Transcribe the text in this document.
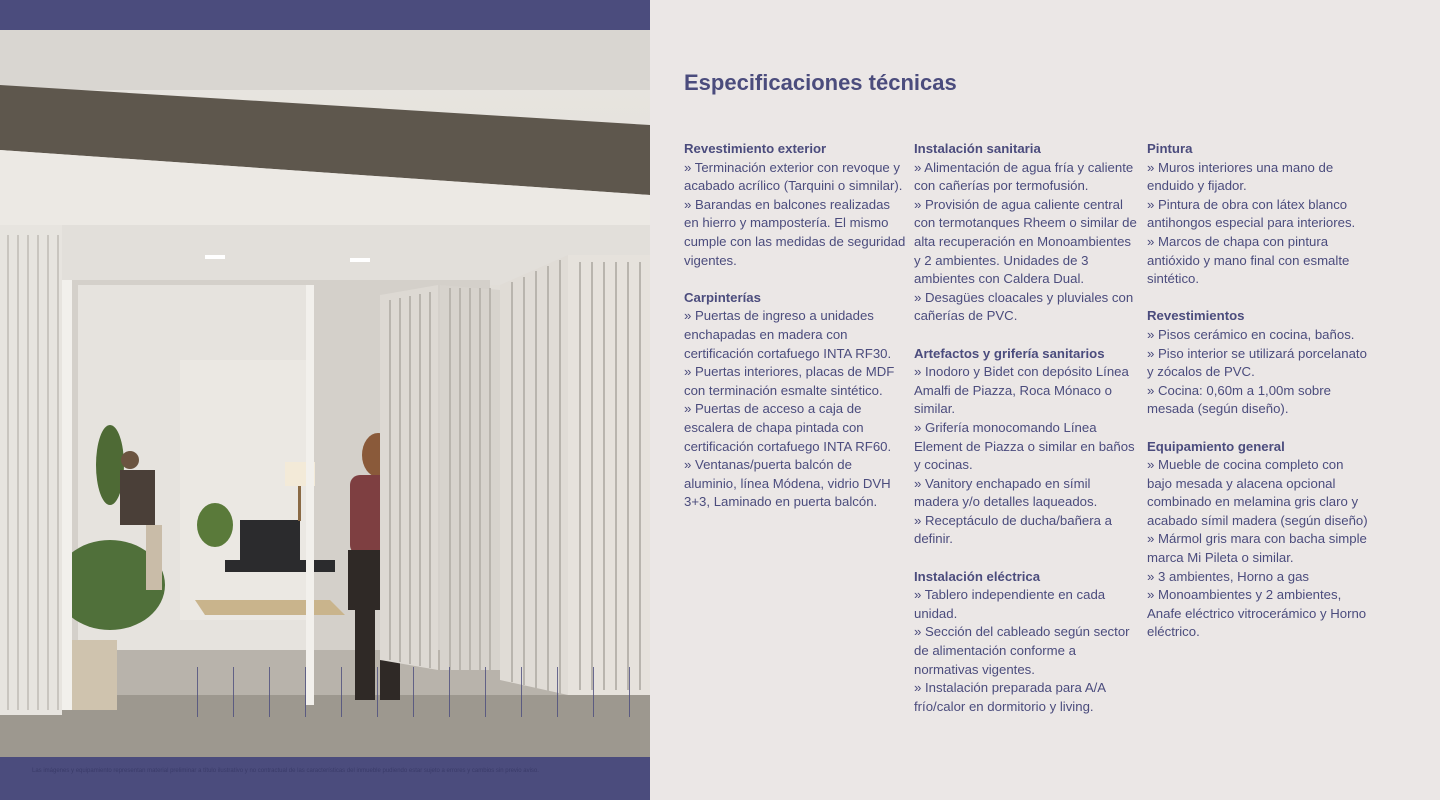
Las imágenes y equipamiento representan material preliminar a título ilustrativo y no contractual de las características del inmueble pudiendo estar sujeto a errores y cambios sin previo aviso.
Especificaciones técnicas
Revestimiento exterior
» Terminación exterior con revoque y acabado acrílico (Tarquini o simnilar).
» Barandas en balcones realizadas en hierro y mampostería. El mismo cumple con las medidas de seguridad vigentes.
Carpinterías
» Puertas de ingreso a unidades enchapadas en madera con certificación cortafuego INTA RF30.
» Puertas interiores, placas de MDF con terminación esmalte sintético.
» Puertas de acceso a caja de escalera de chapa pintada con certificación cortafuego INTA RF60.
» Ventanas/puerta balcón de aluminio, línea Módena, vidrio DVH 3+3, Laminado en puerta balcón.
Instalación sanitaria
» Alimentación de agua fría y caliente con cañerías por termofusión.
» Provisión de agua caliente central con termotanques Rheem o similar de alta recuperación en Monoambientes y 2 ambientes. Unidades de 3 ambientes con Caldera Dual.
» Desagües cloacales y pluviales con cañerías de PVC.
Artefactos y grifería sanitarios
» Inodoro y Bidet con depósito Línea Amalfi de Piazza, Roca Mónaco o similar.
» Grifería monocomando Línea Element de Piazza o similar en baños y cocinas.
» Vanitory enchapado en símil madera y/o detalles laqueados.
» Receptáculo de ducha/bañera a definir.
Instalación eléctrica
» Tablero independiente en cada unidad.
» Sección del cableado según sector de alimentación conforme a normativas vigentes.
» Instalación preparada para A/A frío/calor en dormitorio y living.
Pintura
» Muros interiores una mano de enduido y fijador.
» Pintura de obra con látex blanco antihongos especial para interiores.
» Marcos de chapa con pintura antióxido y mano final con esmalte sintético.
Revestimientos
» Pisos cerámico en cocina, baños.
» Piso interior se utilizará porcelanato y zócalos de PVC.
» Cocina: 0,60m a 1,00m sobre mesada (según diseño).
Equipamiento general
» Mueble de cocina completo con bajo mesada y alacena opcional combinado en melamina gris claro y acabado símil madera (según diseño)
» Mármol gris mara con bacha simple marca Mi Pileta o similar.
» 3 ambientes, Horno a gas
» Monoambientes y 2 ambientes, Anafe eléctrico vitrocerámico y Horno eléctrico.
